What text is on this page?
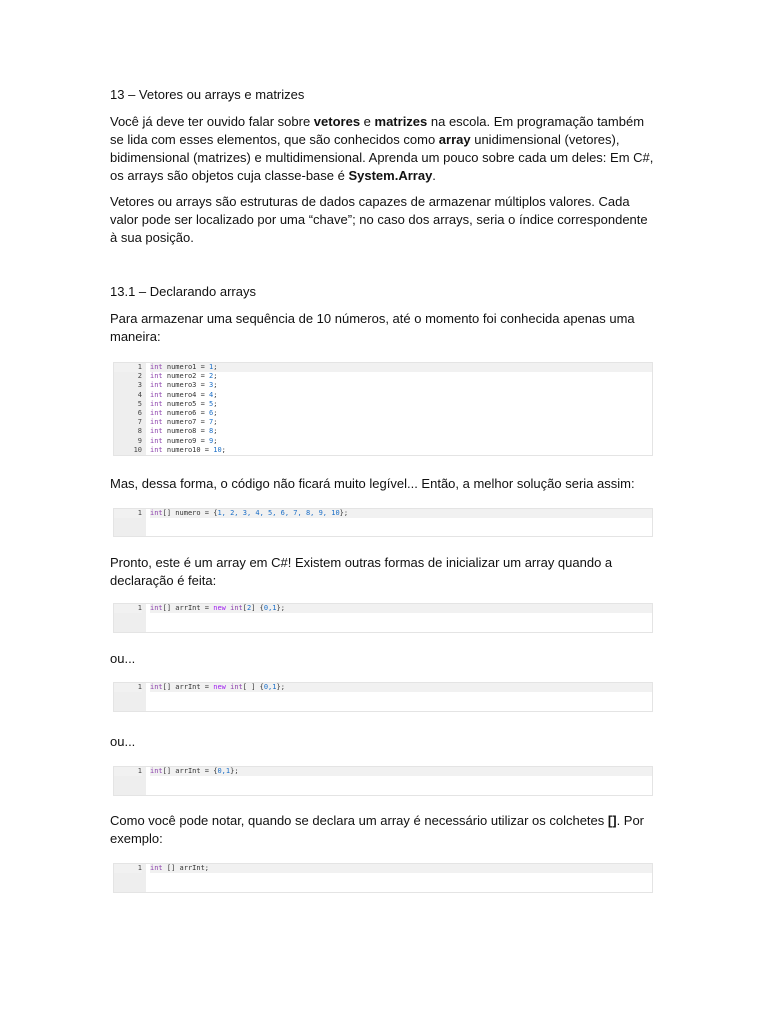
13 – Vetores ou arrays e matrizes

Você já deve ter ouvido falar sobre vetores e matrizes na escola. Em programação também se lida com esses elementos, que são conhecidos como array unidimensional (vetores), bidimensional (matrizes) e multidimensional. Aprenda um pouco sobre cada um deles: Em C#, os arrays são objetos cuja classe-base é System.Array.

Vetores ou arrays são estruturas de dados capazes de armazenar múltiplos valores. Cada valor pode ser localizado por uma “chave”; no caso dos arrays, seria o índice correspondente à sua posição.

13.1 – Declarando arrays

Para armazenar uma sequência de 10 números, até o momento foi conhecida apenas uma maneira:

1
2
3
4
5
6
7
8
9
10
int numero1 = 1;
int numero2 = 2;
int numero3 = 3;
int numero4 = 4;
int numero5 = 5;
int numero6 = 6;
int numero7 = 7;
int numero8 = 8;
int numero9 = 9;
int numero10 = 10;

Mas, dessa forma, o código não ficará muito legível... Então, a melhor solução seria assim:

1 int[] numero = {1, 2, 3, 4, 5, 6, 7, 8, 9, 10};

Pronto, este é um array em C#! Existem outras formas de inicializar um array quando a declaração é feita:

1 int[] arrInt = new int[2] {0,1};

ou...

1 int[] arrInt = new int[ ] {0,1};

ou...

1 int[] arrInt = {0,1};

Como você pode notar, quando se declara um array é necessário utilizar os colchetes []. Por exemplo:

1 int [] arrInt;
